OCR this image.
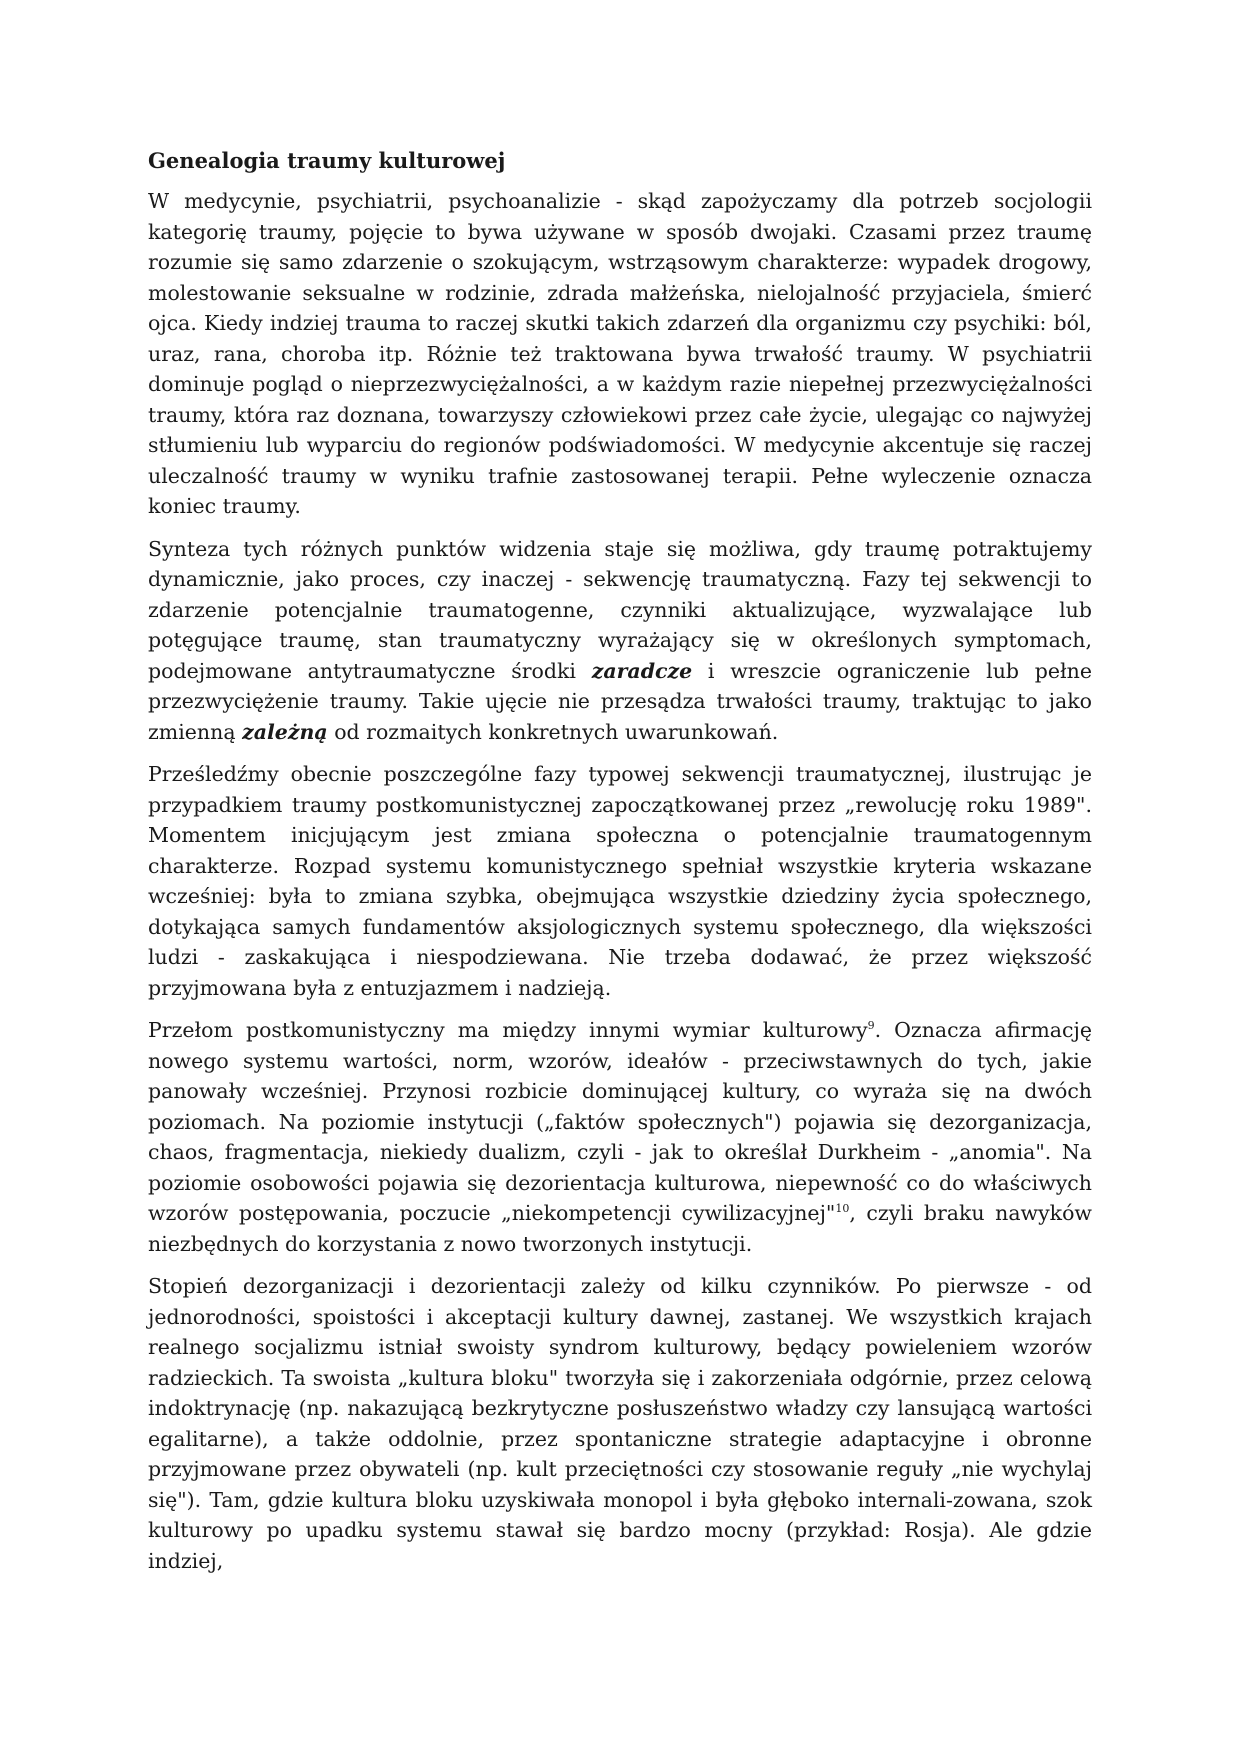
Genealogia traumy kulturowej

W medycynie, psychiatrii, psychoanalizie - skąd zapożyczamy dla potrzeb socjologii kategorię traumy, pojęcie to bywa używane w sposób dwojaki. Czasami przez traumę rozumie się samo zdarzenie o szokującym, wstrząsowym charakterze: wypadek drogowy, molestowanie seksualne w rodzinie, zdrada małżeńska, nielojalność przyjaciela, śmierć ojca. Kiedy indziej trauma to raczej skutki takich zdarzeń dla organizmu czy psychiki: ból, uraz, rana, choroba itp. Różnie też traktowana bywa trwałość traumy. W psychiatrii dominuje pogląd o nieprzezwyciężalności, a w każdym razie niepełnej przezwyciężalności traumy, która raz doznana, towarzyszy człowiekowi przez całe życie, ulegając co najwyżej stłumieniu lub wyparciu do regionów podświadomości. W medycynie akcentuje się raczej uleczalność traumy w wyniku trafnie zastosowanej terapii. Pełne wyleczenie oznacza koniec traumy.

Synteza tych różnych punktów widzenia staje się możliwa, gdy traumę potraktujemy dynamicznie, jako proces, czy inaczej - sekwencję traumatyczną. Fazy tej sekwencji to zdarzenie potencjalnie traumatogenne, czynniki aktualizujące, wyzwalające lub potęgujące traumę, stan traumatyczny wyrażający się w określonych symptomach, podejmowane antytraumatyczne środki zaradcze i wreszcie ograniczenie lub pełne przezwyciężenie traumy. Takie ujęcie nie przesądza trwałości traumy, traktując to jako zmienną zależną od rozmaitych konkretnych uwarunkowań.

Prześledźmy obecnie poszczególne fazy typowej sekwencji traumatycznej, ilustrując je przypadkiem traumy postkomunistycznej zapoczątkowanej przez „rewolucję roku 1989". Momentem inicjującym jest zmiana społeczna o potencjalnie traumatogennym charakterze. Rozpad systemu komunistycznego spełniał wszystkie kryteria wskazane wcześniej: była to zmiana szybka, obejmująca wszystkie dziedziny życia społecznego, dotykająca samych fundamentów aksjologicznych systemu społecznego, dla większości ludzi - zaskakująca i niespodziewana. Nie trzeba dodawać, że przez większość przyjmowana była z entuzjazmem i nadzieją.

Przełom postkomunistyczny ma między innymi wymiar kulturowy$^9$. Oznacza afirmację nowego systemu wartości, norm, wzorów, ideałów - przeciwstawnych do tych, jakie panowały wcześniej. Przynosi rozbicie dominującej kultury, co wyraża się na dwóch poziomach. Na poziomie instytucji („faktów społecznych") pojawia się dezorganizacja, chaos, fragmentacja, niekiedy dualizm, czyli - jak to określał Durkheim - „anomia". Na poziomie osobowości pojawia się dezorientacja kulturowa, niepewność co do właściwych wzorów postępowania, poczucie „niekompetencji cywilizacyjnej"$^{10}$, czyli braku nawyków niezbędnych do korzystania z nowo tworzonych instytucji.

Stopień dezorganizacji i dezorientacji zależy od kilku czynników. Po pierwsze - od jednorodności, spoistości i akceptacji kultury dawnej, zastanej. We wszystkich krajach realnego socjalizmu istniał swoisty syndrom kulturowy, będący powieleniem wzorów radzieckich. Ta swoista „kultura bloku" tworzyła się i zakorzeniała odgórnie, przez celową indoktrynację (np. nakazującą bezkrytyczne posłuszeństwo władzy czy lansującą wartości egalitarne), a także oddolnie, przez spontaniczne strategie adaptacyjne i obronne przyjmowane przez obywateli (np. kult przeciętności czy stosowanie reguły „nie wychylaj się"). Tam, gdzie kultura bloku uzyskiwała monopol i była głęboko internali-zowana, szok kulturowy po upadku systemu stawał się bardzo mocny (przykład: Rosja). Ale gdzie indziej,
